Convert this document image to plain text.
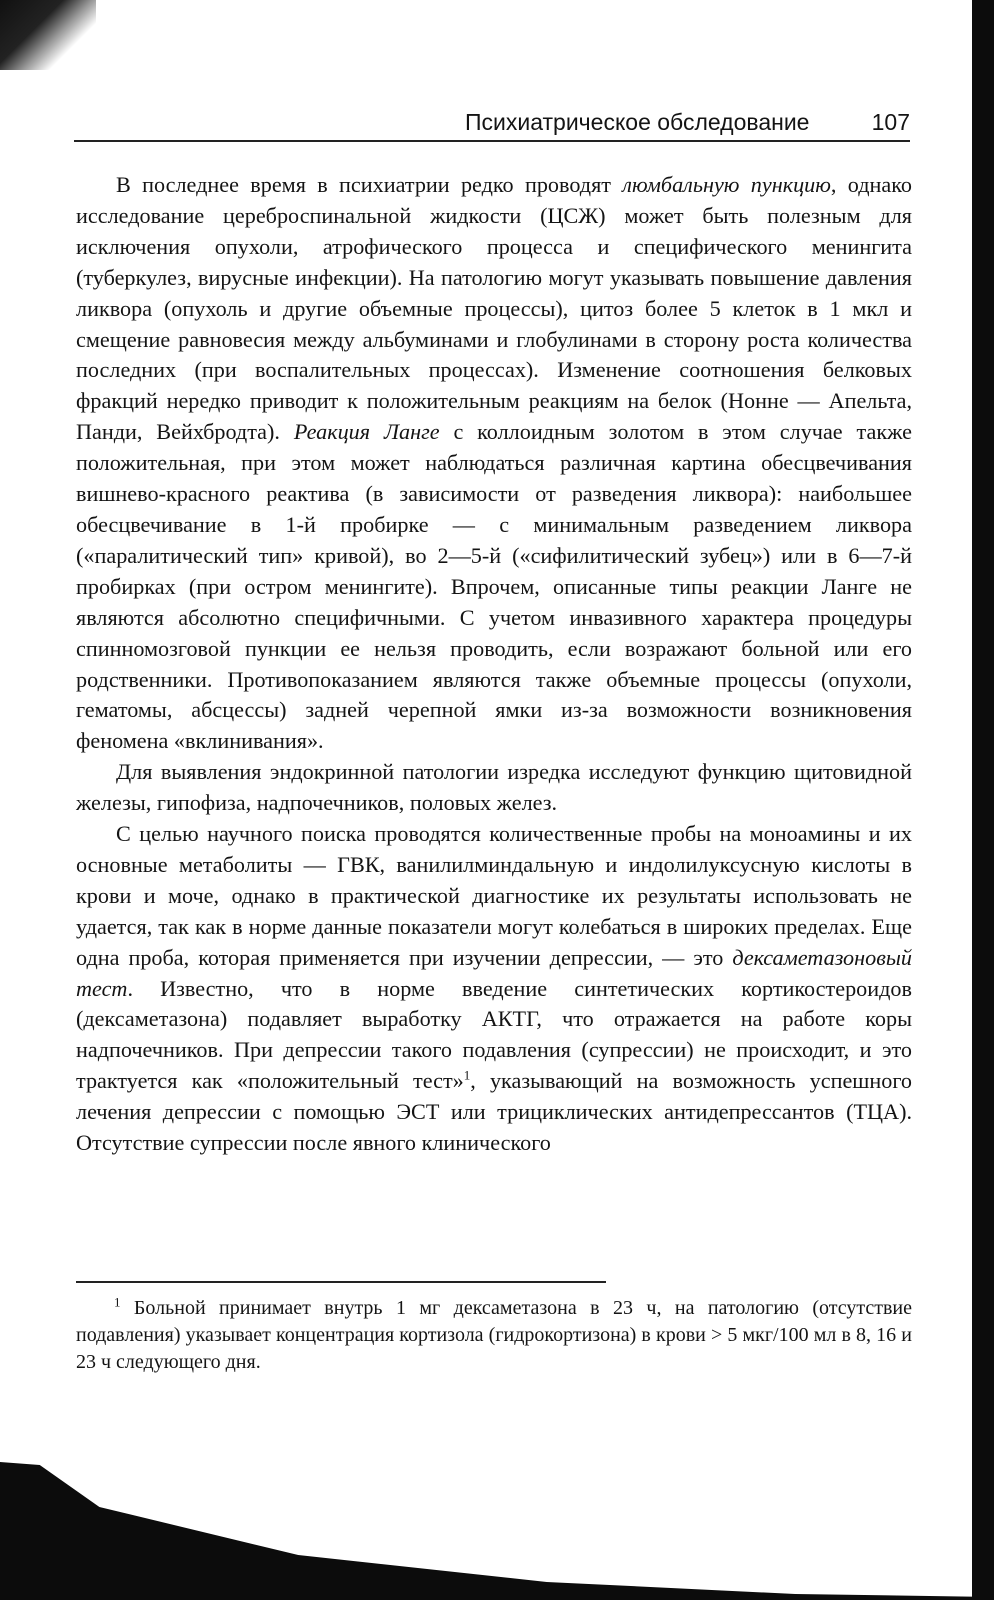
Психиатрическое обследование	107

В последнее время в психиатрии редко проводят люмбальную пункцию, однако исследование цереброспинальной жидкости (ЦСЖ) может быть полезным для исключения опухоли, атрофического процесса и специфического менингита (туберкулез, вирусные инфекции). На патологию могут указывать повышение давления ликвора (опухоль и другие объемные процессы), цитоз более 5 клеток в 1 мкл и смещение равновесия между альбуминами и глобулинами в сторону роста количества последних (при воспалительных процессах). Изменение соотношения белковых фракций нередко приводит к положительным реакциям на белок (Нонне — Апельта, Панди, Вейхбродта). Реакция Ланге с коллоидным золотом в этом случае также положительная, при этом может наблюдаться различная картина обесцвечивания вишнево-красного реактива (в зависимости от разведения ликвора): наибольшее обесцвечивание в 1-й пробирке — с минимальным разведением ликвора («паралитический тип» кривой), во 2—5-й («сифилитический зубец») или в 6—7-й пробирках (при остром менингите). Впрочем, описанные типы реакции Ланге не являются абсолютно специфичными. С учетом инвазивного характера процедуры спинномозговой пункции ее нельзя проводить, если возражают больной или его родственники. Противопоказанием являются также объемные процессы (опухоли, гематомы, абсцессы) задней черепной ямки из-за возможности возникновения феномена «вклинивания».

Для выявления эндокринной патологии изредка исследуют функцию щитовидной железы, гипофиза, надпочечников, половых желез.

С целью научного поиска проводятся количественные пробы на моноамины и их основные метаболиты — ГВК, ванилилминдальную и индолилуксусную кислоты в крови и моче, однако в практической диагностике их результаты использовать не удается, так как в норме данные показатели могут колебаться в широких пределах. Еще одна проба, которая применяется при изучении депрессии, — это дексаметазоновый тест. Известно, что в норме введение синтетических кортикостероидов (дексаметазона) подавляет выработку АКТГ, что отражается на работе коры надпочечников. При депрессии такого подавления (супрессии) не происходит, и это трактуется как «положительный тест»$^1$, указывающий на возможность успешного лечения депрессии с помощью ЭСТ или трициклических антидепрессантов (ТЦА). Отсутствие супрессии после явного клинического

$^1$ Больной принимает внутрь 1 мг дексаметазона в 23 ч, на патологию (отсутствие подавления) указывает концентрация кортизола (гидрокортизона) в крови > 5 мкг/100 мл в 8, 16 и 23 ч следующего дня.
